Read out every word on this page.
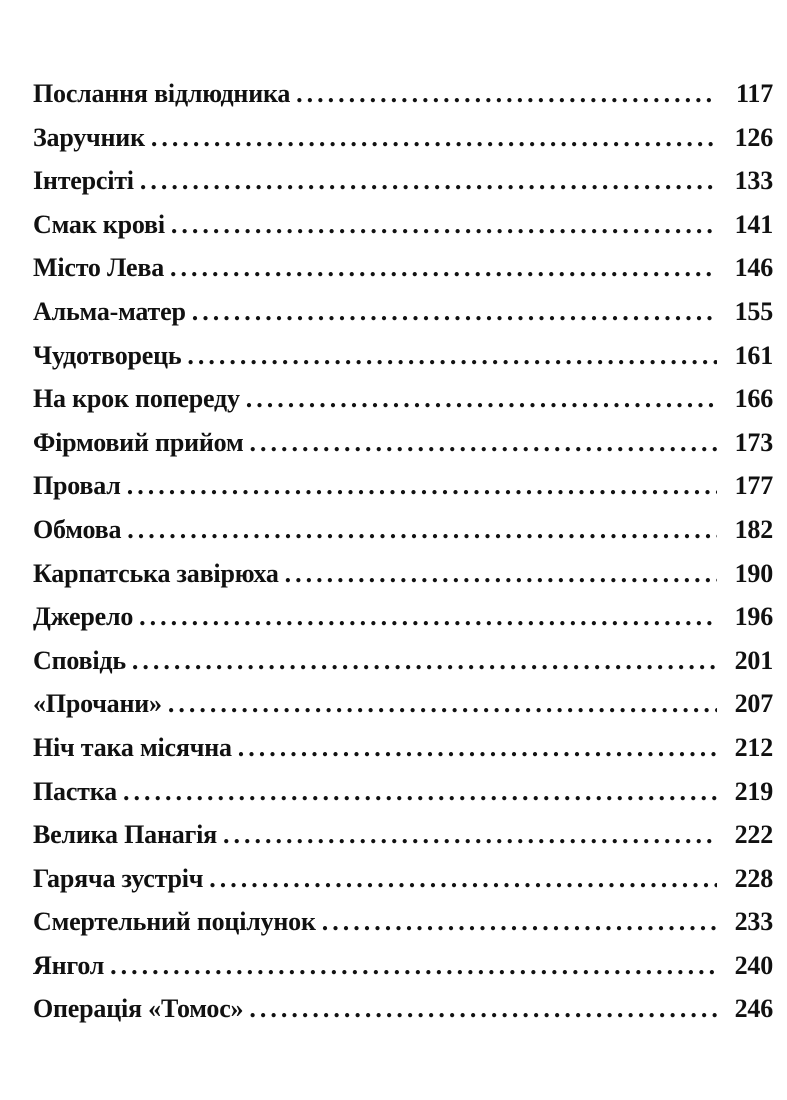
Послання відлюдника .....	117
Заручник .....	126
Інтерсіті .....	133
Смак крові .....	141
Місто Лева .....	146
Альма-матер .....	155
Чудотворець .....	161
На крок попереду .....	166
Фірмовий прийом .....	173
Провал .....	177
Обмова .....	182
Карпатська завірюха .....	190
Джерело .....	196
Сповідь .....	201
«Прочани» .....	207
Ніч така місячна .....	212
Пастка .....	219
Велика Панагія .....	222
Гаряча зустріч .....	228
Смертельний поцілунок .....	233
Янгол .....	240
Операція «Томос» .....	246
